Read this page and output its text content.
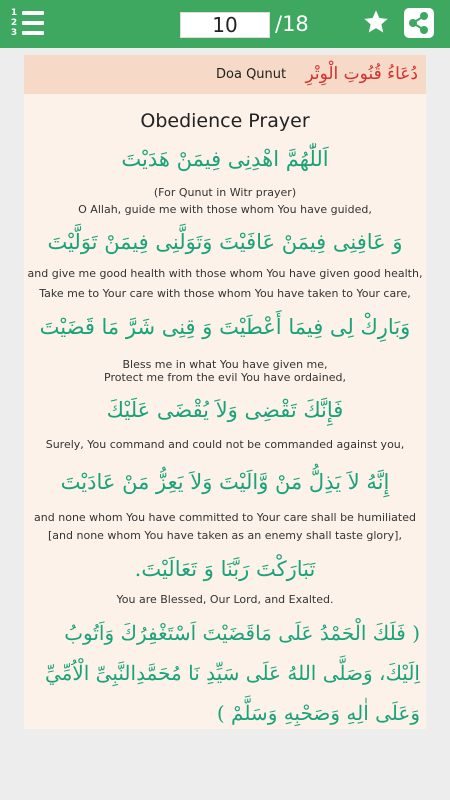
1
2
3	10	/18
Doa Qunut دُعَاءُ قُنُوتِ الْوِتْرِ
Obedience Prayer
اَللّٰهُمَّ اهْدِنِى فِيمَنْ هَدَيْتَ
(For Qunut in Witr prayer)
O Allah, guide me with those whom You have guided,
وَ عَافِنِى فِيمَنْ عَافَيْتَ وَتَوَلَّنِى فِيمَنْ تَوَلَّيْتَ
and give me good health with those whom You have given good health,
Take me to Your care with those whom You have taken to Your care,
وَبَارِكْ لِى فِيمَا أَعْطَيْتَ وَ قِنِى شَرَّ مَا قَضَيْتَ
Bless me in what You have given me,
Protect me from the evil You have ordained,
فَإِنَّكَ تَقْضِى وَلاَ يُقْضَى عَلَيْكَ
Surely, You command and could not be commanded against you,
إِنَّهُ لاَ يَذِلُّ مَنْ وَّالَيْتَ وَلاَ يَعِزُّ مَنْ عَادَيْتَ
and none whom You have committed to Your care shall be humiliated
[and none whom You have taken as an enemy shall taste glory],
تَبَارَكْتَ رَبَّنَا وَ تَعَالَيْتَ.
You are Blessed, Our Lord, and Exalted.
( فَلَكَ الْحَمْدُ عَلَى مَاقَضَيْتَ اَسْتَغْفِرُكَ وَاَتُوبُ اِلَيْكَ، وَصَلَّى اللهُ عَلَى سَيِّدِ نَا مُحَمَّدِالنَّبِىِّ الْاُمِّيِّ وَعَلَى اٰلِهِ وَصَحْبِهِ وَسَلَّمْ )
